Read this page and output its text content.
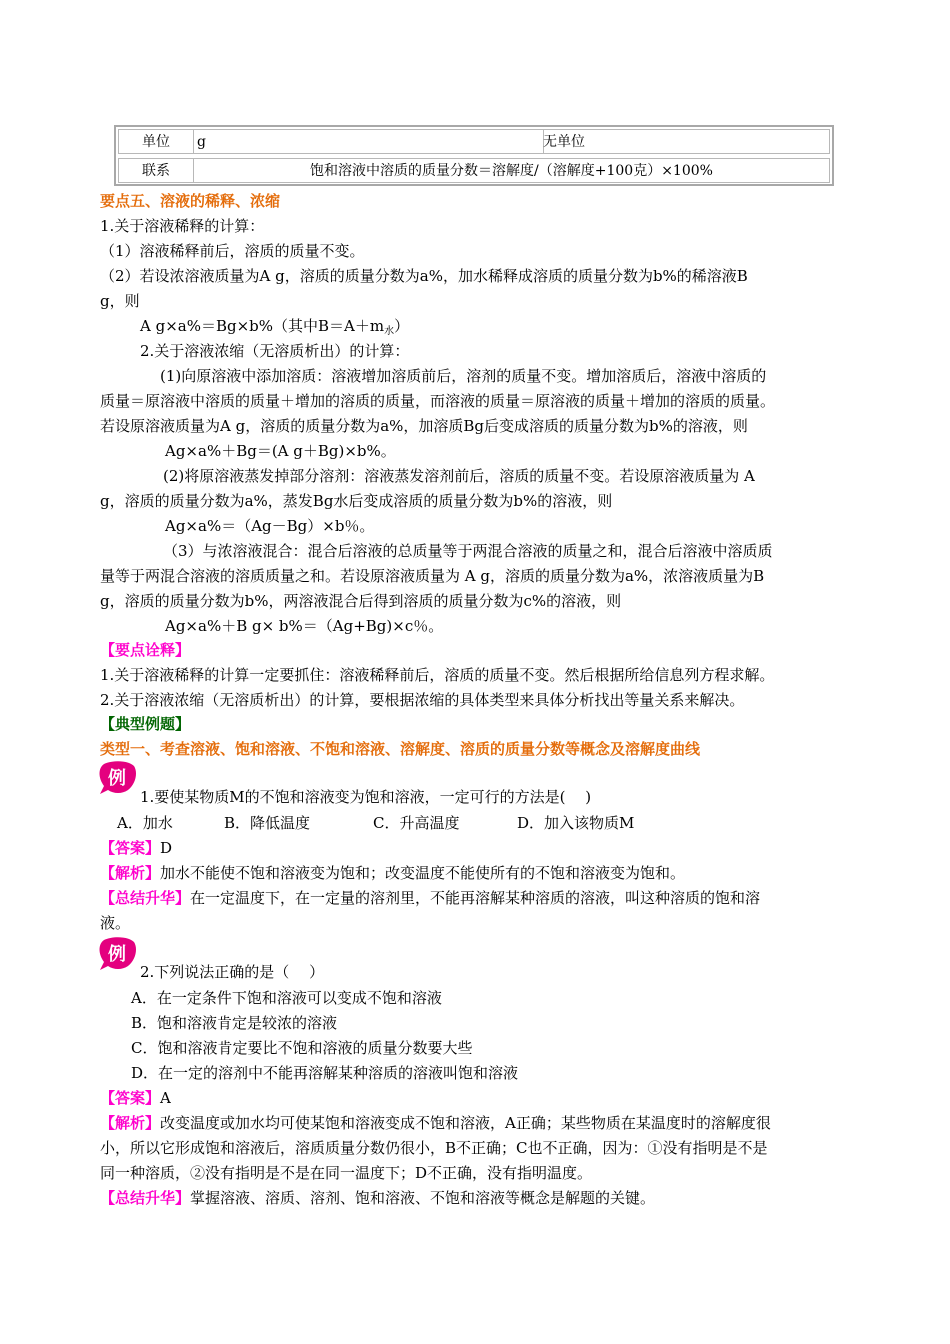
单位	g	无单位
联系	饱和溶液中溶质的质量分数＝溶解度/（溶解度+100克）×100%
要点五、溶液的稀释、浓缩
1.关于溶液稀释的计算：
（1）溶液稀释前后，溶质的质量不变。
（2）若设浓溶液质量为A g，溶质的质量分数为a%，加水稀释成溶质的质量分数为b%的稀溶液B
g，则
A g×a%＝Bg×b%（其中$B=A+m_水$）
2.关于溶液浓缩（无溶质析出）的计算：
(1)向原溶液中添加溶质：溶液增加溶质前后，溶剂的质量不变。增加溶质后，溶液中溶质的
质量＝原溶液中溶质的质量＋增加的溶质的质量，而溶液的质量＝原溶液的质量＋增加的溶质的质量。
若设原溶液质量为A g，溶质的质量分数为a%，加溶质Bg后变成溶质的质量分数为b%的溶液，则
Ag×a%＋Bg＝(A g＋Bg)×b%。
(2)将原溶液蒸发掉部分溶剂：溶液蒸发溶剂前后，溶质的质量不变。若设原溶液质量为 A
g，溶质的质量分数为a%，蒸发Bg水后变成溶质的质量分数为b%的溶液，则
Ag×a%＝（Ag－Bg）×b％。
（3）与浓溶液混合：混合后溶液的总质量等于两混合溶液的质量之和，混合后溶液中溶质质
量等于两混合溶液的溶质质量之和。若设原溶液质量为 A g，溶质的质量分数为a%，浓溶液质量为B
g，溶质的质量分数为b%，两溶液混合后得到溶质的质量分数为c%的溶液，则
Ag×a%＋B g× b%＝（Ag+Bg)×c％。
【要点诠释】
1.关于溶液稀释的计算一定要抓住：溶液稀释前后，溶质的质量不变。然后根据所给信息列方程求解。
2.关于溶液浓缩（无溶质析出）的计算，要根据浓缩的具体类型来具体分析找出等量关系来解决。
【典型例题】
类型一、考查溶液、饱和溶液、不饱和溶液、溶解度、溶质的质量分数等概念及溶解度曲线
例
1.要使某物质M的不饱和溶液变为饱和溶液，一定可行的方法是(　 )
A．加水	B．降低温度	C．升高温度	D．加入该物质M
【答案】D
【解析】加水不能使不饱和溶液变为饱和；改变温度不能使所有的不饱和溶液变为饱和。
【总结升华】在一定温度下，在一定量的溶剂里，不能再溶解某种溶质的溶液，叫这种溶质的饱和溶
液。
例
2.下列说法正确的是（　 ）
A．在一定条件下饱和溶液可以变成不饱和溶液
B．饱和溶液肯定是较浓的溶液
C．饱和溶液肯定要比不饱和溶液的质量分数要大些
D．在一定的溶剂中不能再溶解某种溶质的溶液叫饱和溶液
【答案】A
【解析】改变温度或加水均可使某饱和溶液变成不饱和溶液，A正确；某些物质在某温度时的溶解度很
小，所以它形成饱和溶液后，溶质质量分数仍很小，B不正确；C也不正确，因为：①没有指明是不是
同一种溶质，②没有指明是不是在同一温度下；D不正确，没有指明温度。
【总结升华】掌握溶液、溶质、溶剂、饱和溶液、不饱和溶液等概念是解题的关键。
